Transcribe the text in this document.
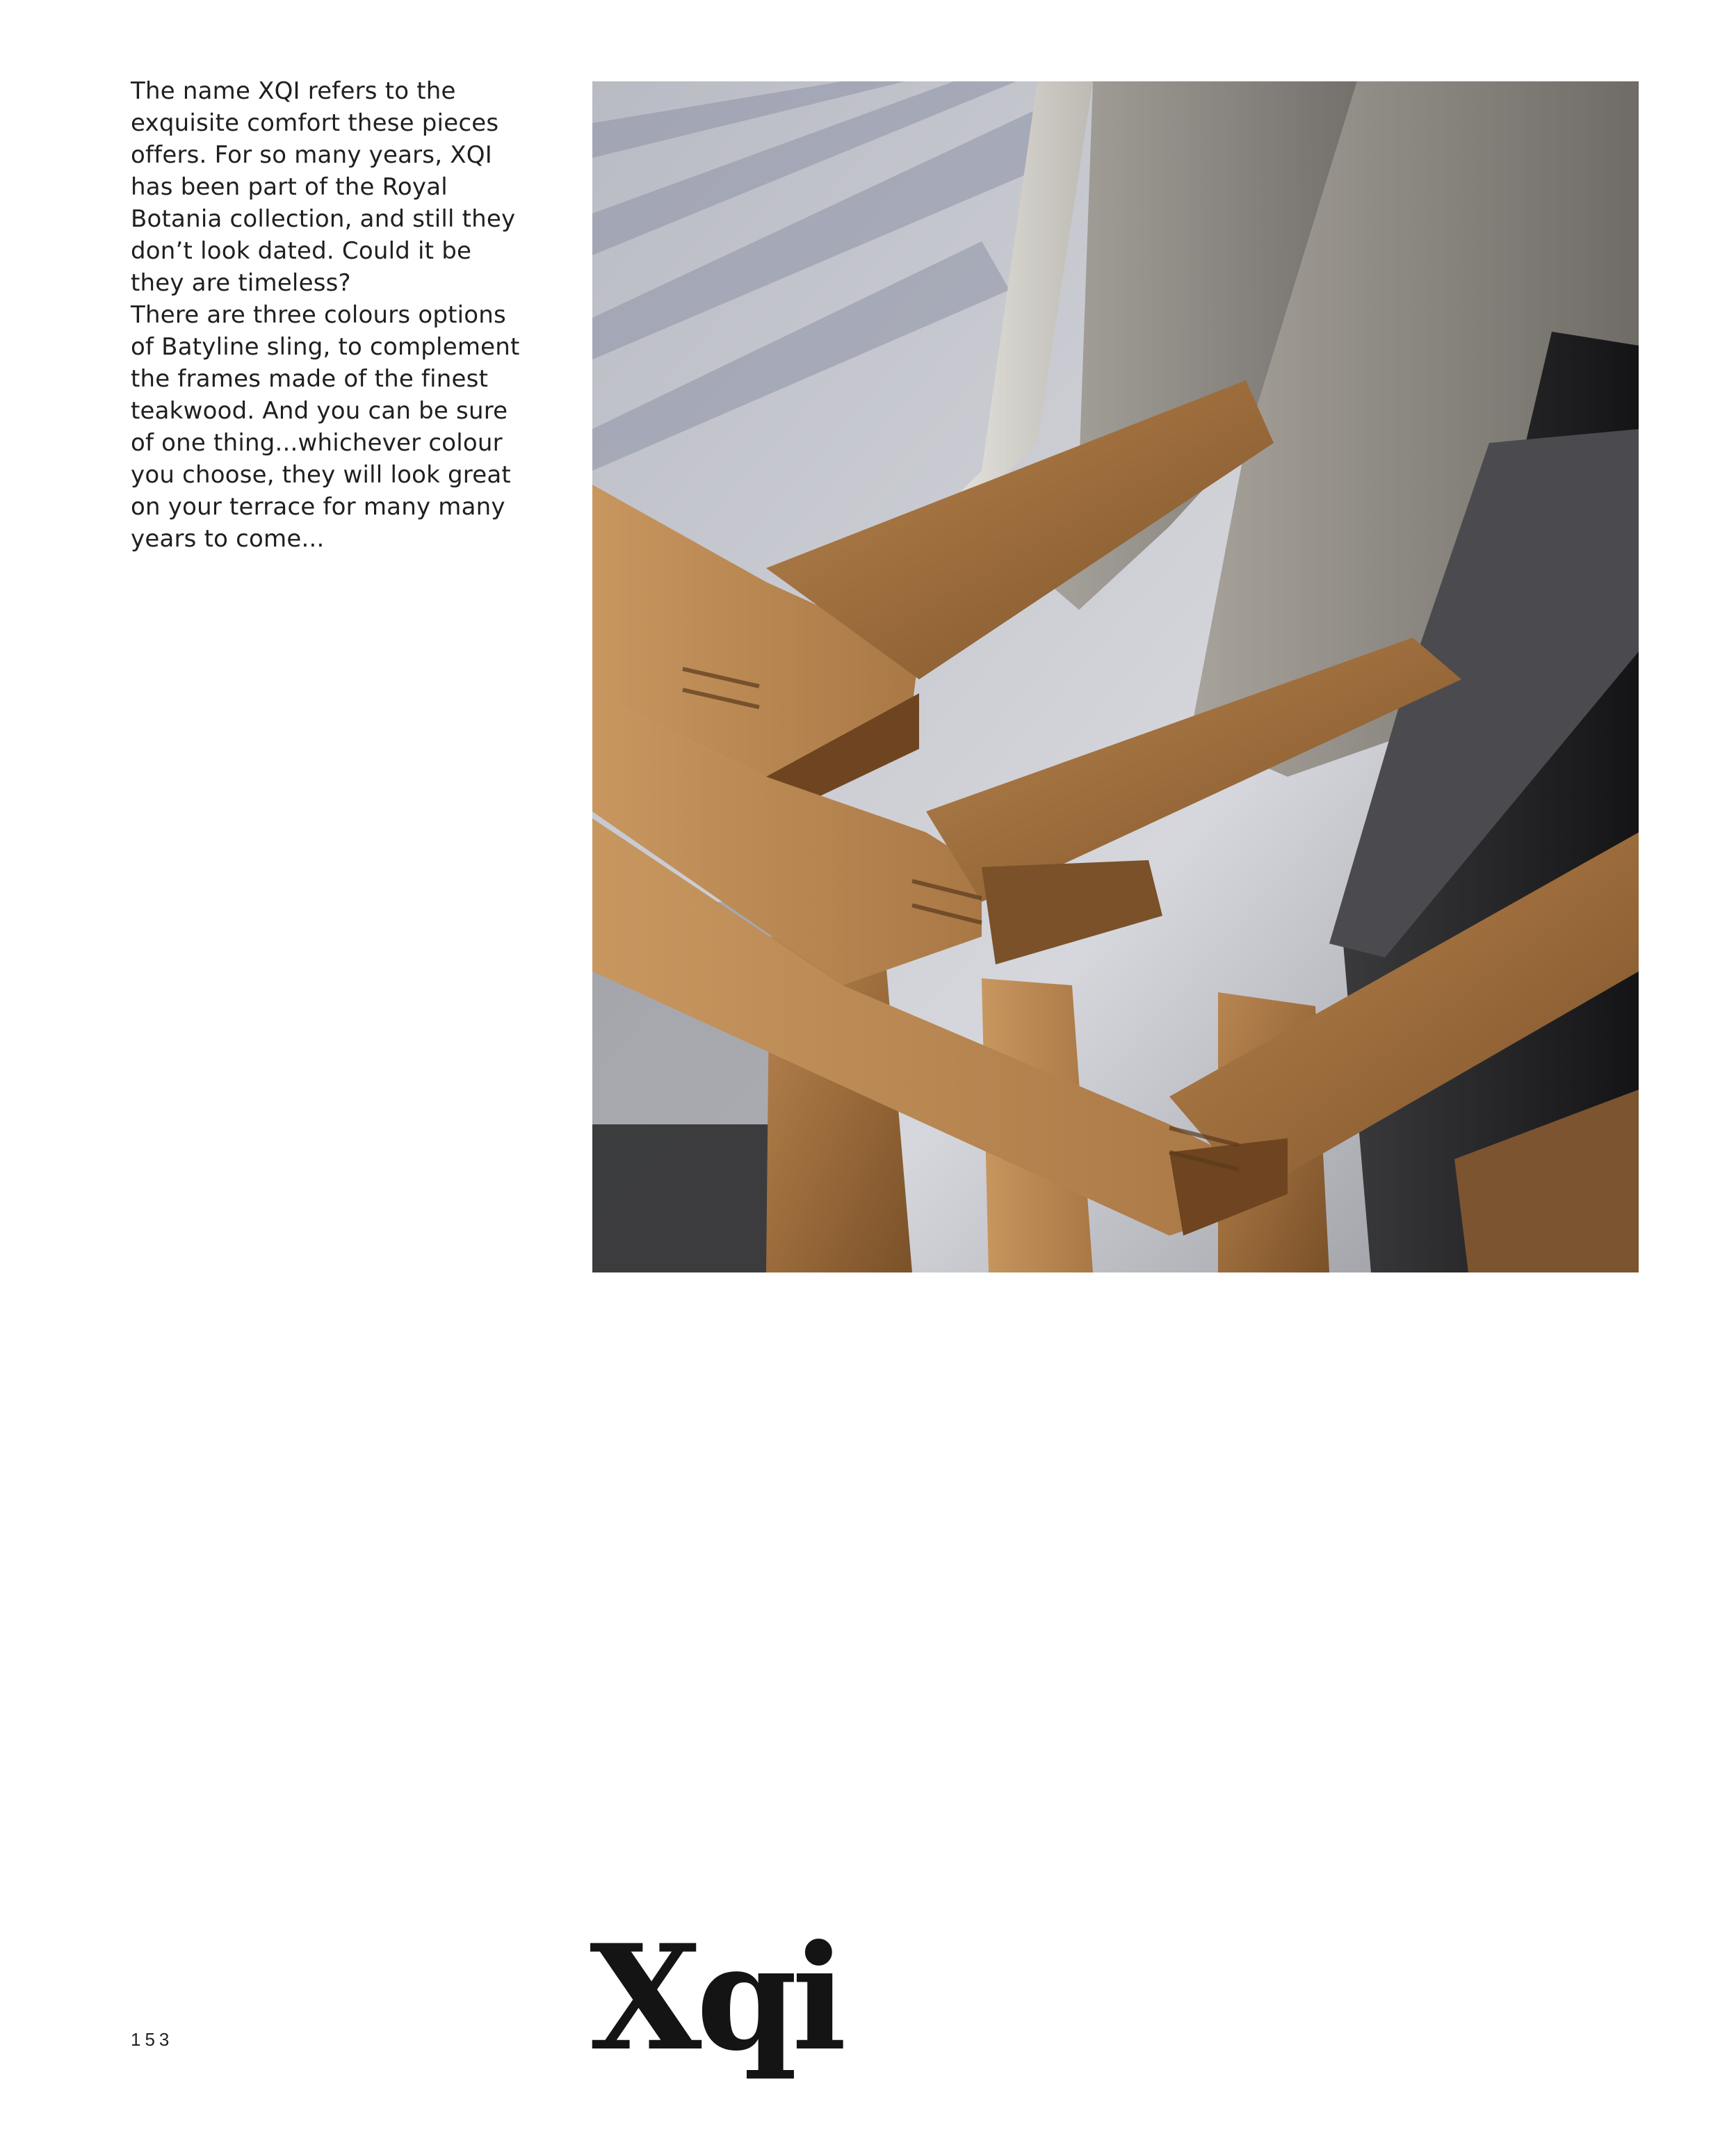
The name XQI refers to the
exquisite comfort these pieces
offers. For so many years, XQI
has been part of the Royal
Botania collection, and still they
don’t look dated. Could it be
they are timeless?
There are three colours options
of Batyline sling, to complement
the frames made of the finest
teakwood. And you can be sure
of one thing...whichever colour
you choose, they will look great
on your terrace for many many
years to come...

153	Xqi
